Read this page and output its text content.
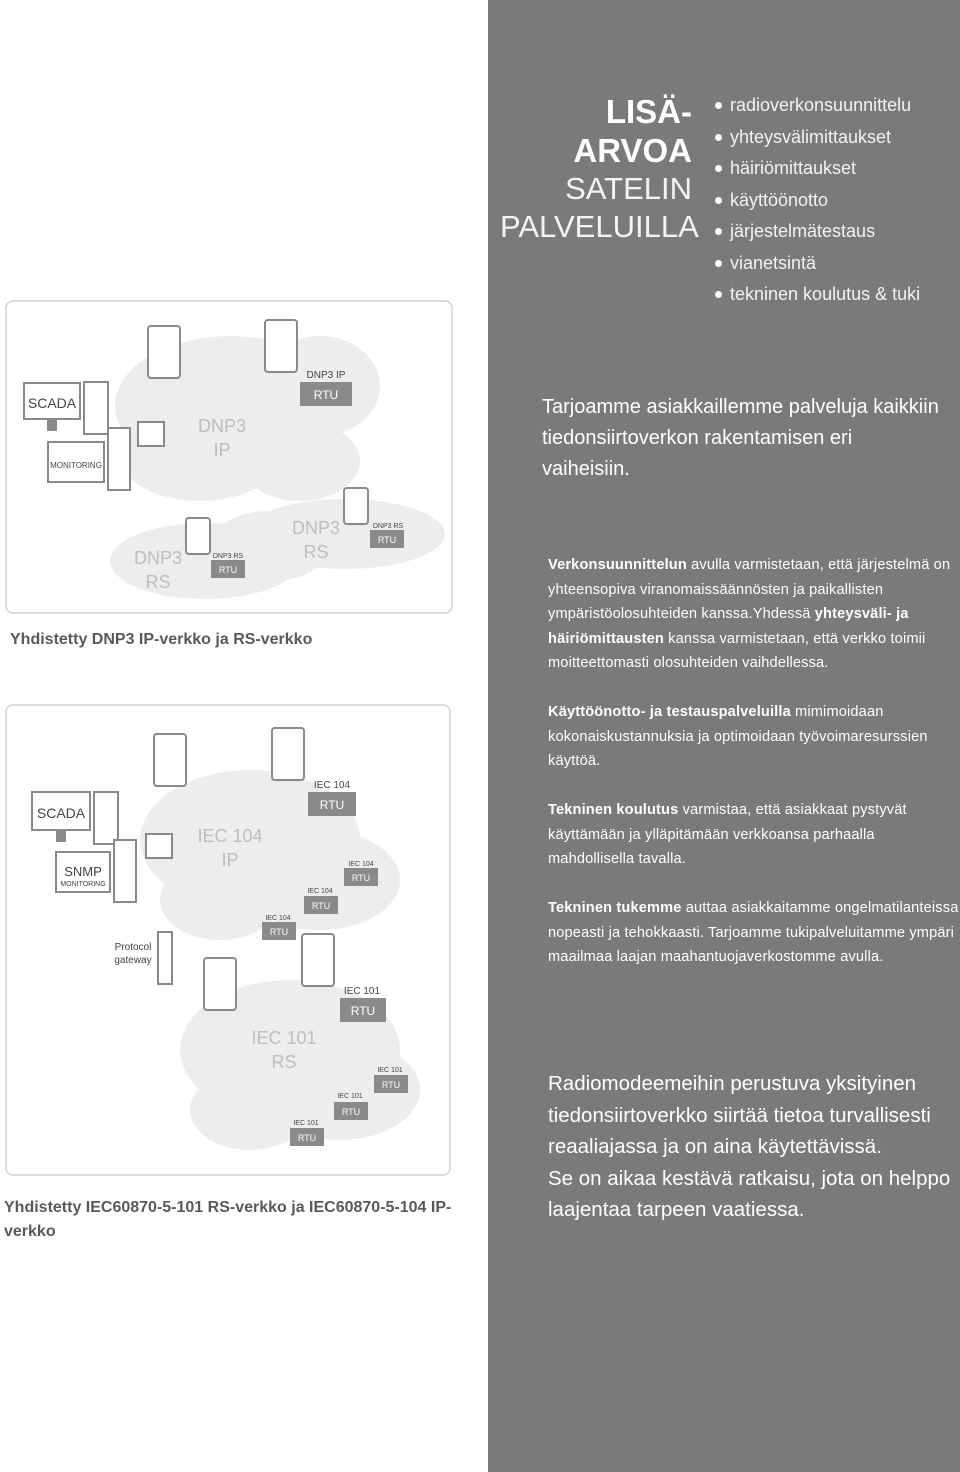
LISÄ-
ARVOA
SATELIN
PALVELUILLA
radioverkonsuunnittelu
yhteysvälimittaukset
häiriömittaukset
käyttöönotto
järjestelmätestaus
vianetsintä
tekninen koulutus & tuki
Tarjoamme asiakkaillemme palveluja kaikkiin tiedonsiirtoverkon rakentamisen eri vaiheisiin.
Verkonsuunnittelun avulla varmistetaan, että järjestelmä on yhteensopiva viranomaissäännösten ja paikallisten ympäristöolosuhteiden kanssa.Yhdessä yhteysväli- ja häiriömittausten kanssa varmistetaan, että verkko toimii moitteettomasti olosuhteiden vaihdellessa.
Käyttöönotto- ja testauspalveluilla mimimoidaan kokonaiskustannuksia ja optimoidaan työvoimaresurssien käyttöä.
Tekninen koulutus varmistaa, että asiakkaat pystyvät käyttämään ja ylläpitämään verkkoansa parhaalla mahdollisella tavalla.
Tekninen tukemme auttaa asiakkaitamme ongelmatilanteissa nopeasti ja tehokkaasti. Tarjoamme tukipalveluitamme ympäri maailmaa laajan maahantuojaverkostomme avulla.
Radiomodeemeihin perustuva yksityinen tiedonsiirtoverkko siirtää tietoa turvallisesti reaaliajassa ja on aina käytettävissä.
Se on aikaa kestävä ratkaisu, jota on helppo laajentaa tarpeen vaatiessa.
SCADA
MONITORING
DNP3
IP
DNP3
RS
DNP3
RS
DNP3 IP
RTU
DNP3 RS
RTU
DNP3 RS
RTU
Yhdistetty DNP3 IP-verkko ja RS-verkko
SCADA
SNMP
MONITORING
Protocol
gateway
IEC 104
IP
IEC 101
RS
IEC 104
RTU
IEC 104
RTU
IEC 104
RTU
IEC 104
RTU
IEC 101
RTU
IEC 101
RTU
IEC 101
RTU
IEC 101
RTU
Yhdistetty IEC60870-5-101 RS-verkko ja IEC60870-5-104 IP-verkko
